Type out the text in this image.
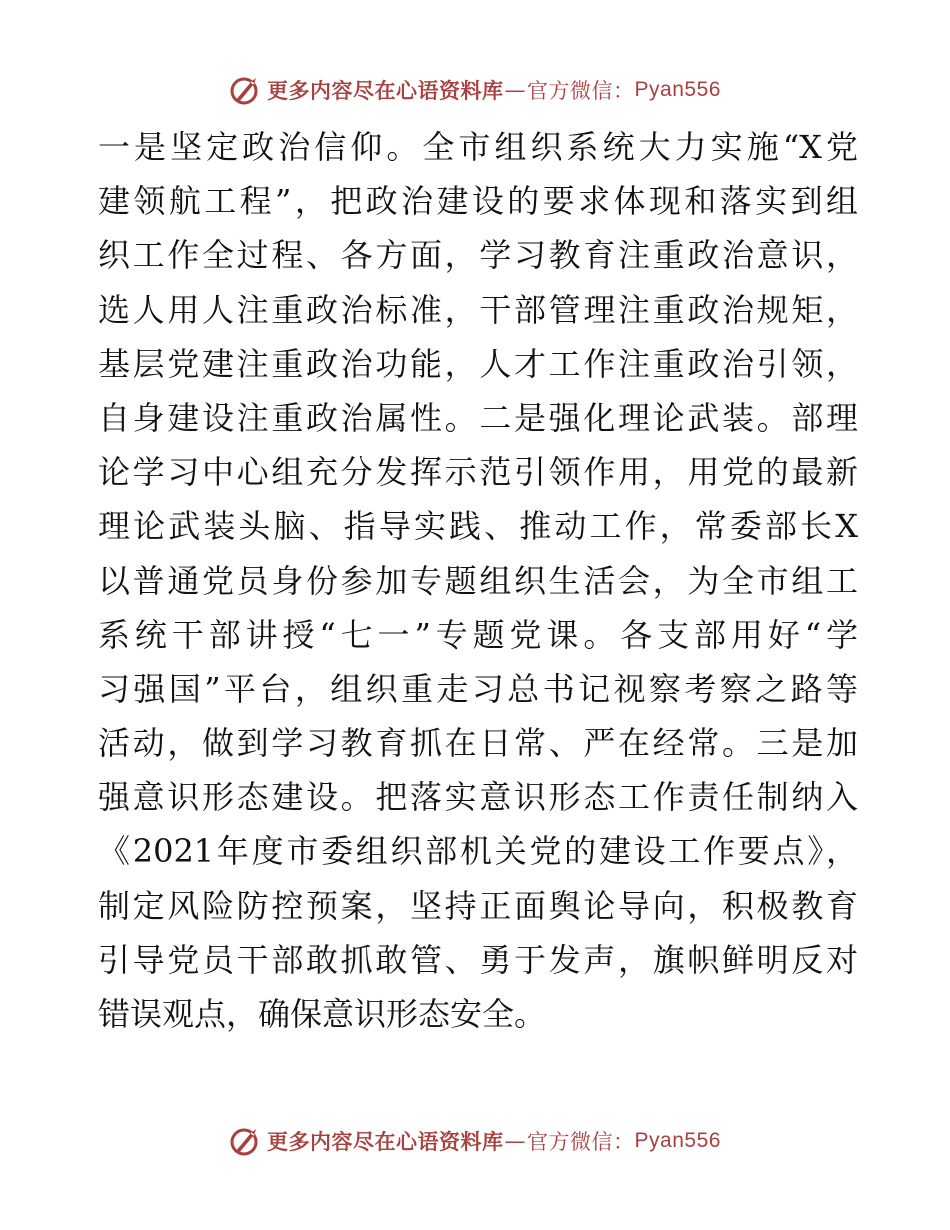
更多内容尽在心语资料库 — 官方微信： Pyan556
一是坚定政治信仰。全市组织系统大力实施“X党
建领航工程”，把政治建设的要求体现和落实到组
织工作全过程、各方面，学习教育注重政治意识，
选人用人注重政治标准，干部管理注重政治规矩，
基层党建注重政治功能，人才工作注重政治引领，
自身建设注重政治属性。二是强化理论武装。部理
论学习中心组充分发挥示范引领作用，用党的最新
理论武装头脑、指导实践、推动工作，常委部长X
以普通党员身份参加专题组织生活会，为全市组工
系统干部讲授“七一”专题党课。各支部用好“学
习强国”平台，组织重走习总书记视察考察之路等
活动，做到学习教育抓在日常、严在经常。三是加
强意识形态建设。把落实意识形态工作责任制纳入
《2021年度市委组织部机关党的建设工作要点》，
制定风险防控预案，坚持正面舆论导向，积极教育
引导党员干部敢抓敢管、勇于发声，旗帜鲜明反对
错误观点，确保意识形态安全。
更多内容尽在心语资料库 — 官方微信： Pyan556
